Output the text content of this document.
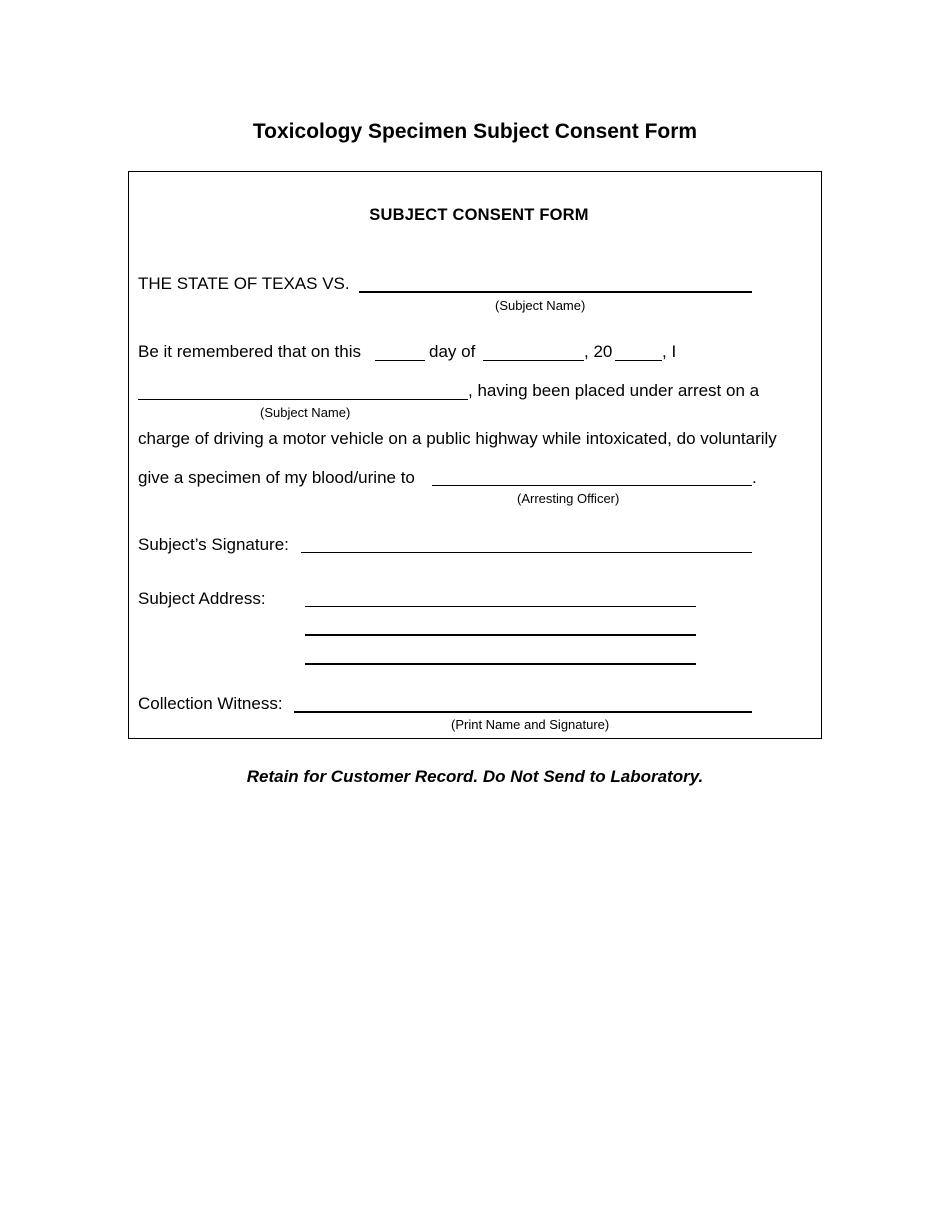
Toxicology Specimen Subject Consent Form
SUBJECT CONSENT FORM
THE STATE OF TEXAS VS.
(Subject Name)
Be it remembered that on this	day of	, 20	, I
, having been placed under arrest on a
(Subject Name)
charge of driving a motor vehicle on a public highway while intoxicated, do voluntarily
give a specimen of my blood/urine to	.
(Arresting Officer)
Subject’s Signature:
Subject Address:
Collection Witness:
(Print Name and Signature)
Retain for Customer Record. Do Not Send to Laboratory.
